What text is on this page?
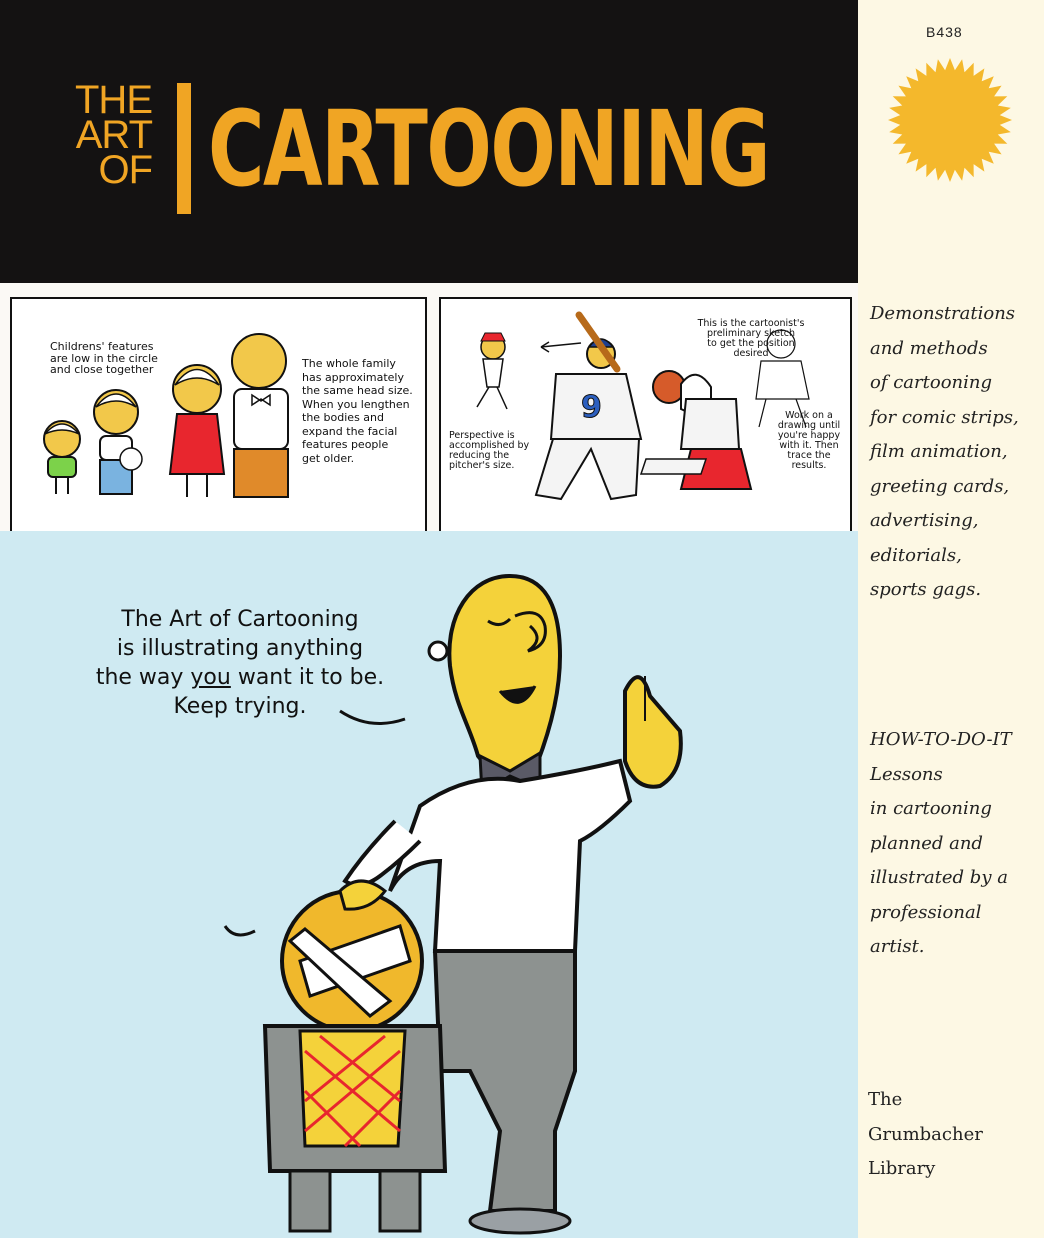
THE
ART
OF CARTOONING
B438
Demonstrations
and methods
of cartooning
for comic strips,
film animation,
greeting cards,
advertising,
editorials,
sports gags.
HOW-TO-DO-IT
Lessons
in cartooning
planned and
illustrated by a
professional
artist.
The
Grumbacher
Library
Childrens' features
are low in the circle
and close together	The whole family
has approximately
the same head size.
When you lengthen
the bodies and
expand the facial
features people
get older.
9
This is the cartoonist's
preliminary sketch
to get the position
desired
Perspective is
accomplished by
reducing the
pitcher's size.
Work on a
drawing until
you're happy
with it. Then
trace the
results.
The Art of Cartooning
is illustrating anything
the way you want it to be.
Keep trying.
